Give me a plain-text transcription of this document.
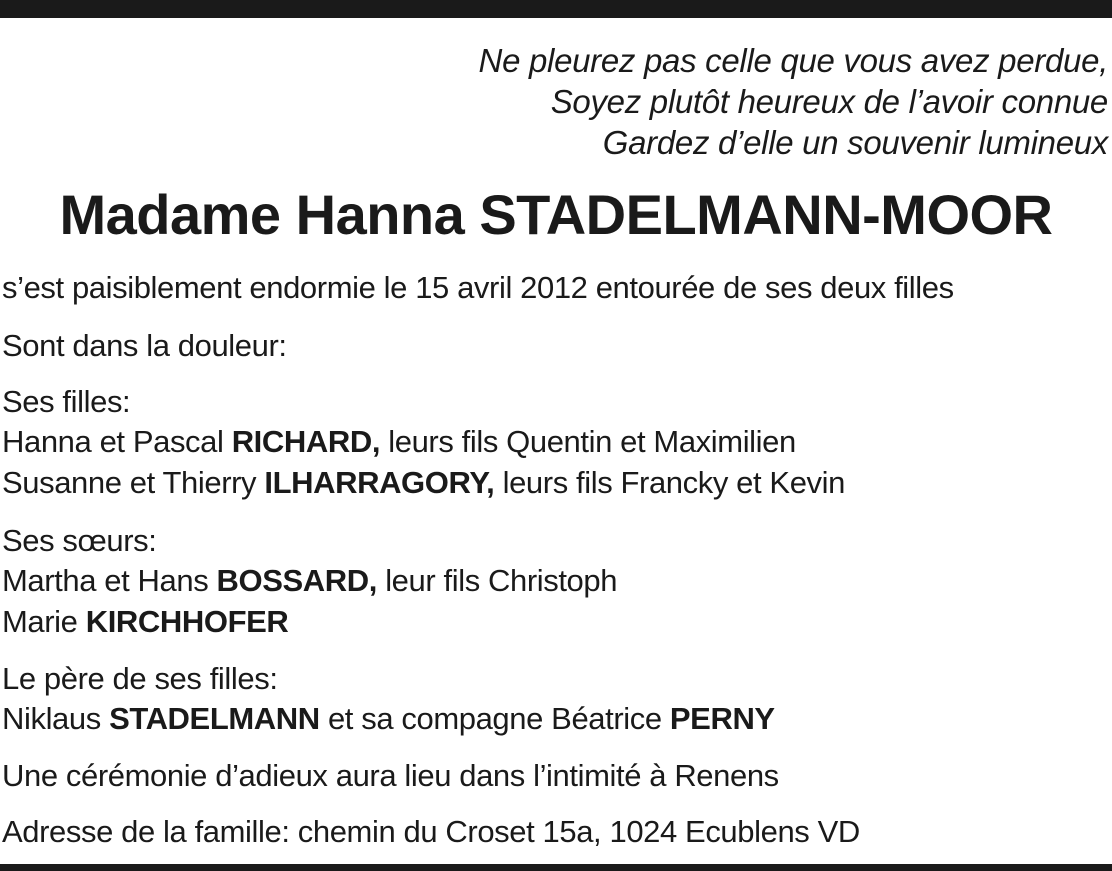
Ne pleurez pas celle que vous avez perdue,
Soyez plutôt heureux de l’avoir connue
Gardez d’elle un souvenir lumineux
Madame Hanna STADELMANN-MOOR
s’est paisiblement endormie le 15 avril 2012 entourée de ses deux filles
Sont dans la douleur:
Ses filles:
Hanna et Pascal RICHARD, leurs fils Quentin et Maximilien
Susanne et Thierry ILHARRAGORY, leurs fils Francky et Kevin
Ses sœurs:
Martha et Hans BOSSARD, leur fils Christoph
Marie KIRCHHOFER
Le père de ses filles:
Niklaus STADELMANN et sa compagne Béatrice PERNY
Une cérémonie d’adieux aura lieu dans l’intimité à Renens
Adresse de la famille: chemin du Croset 15a, 1024 Ecublens VD
